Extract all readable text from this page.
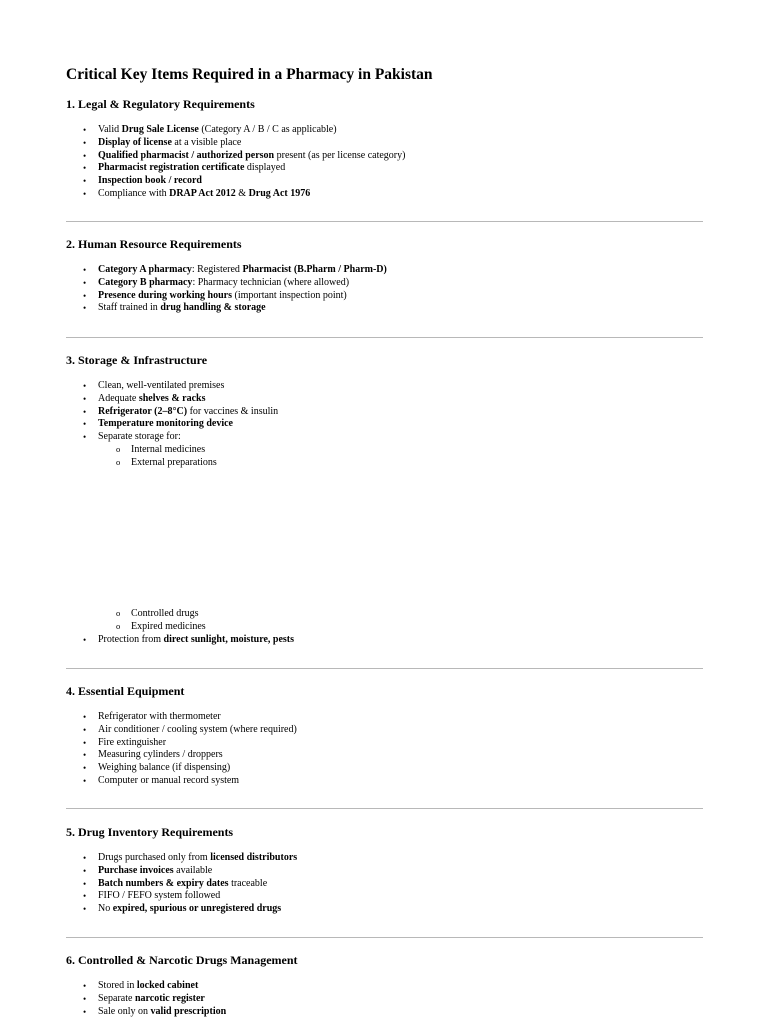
Critical Key Items Required in a Pharmacy in Pakistan
1. Legal & Regulatory Requirements
• Valid Drug Sale License (Category A / B / C as applicable)
• Display of license at a visible place
• Qualified pharmacist / authorized person present (as per license category)
• Pharmacist registration certificate displayed
• Inspection book / record
• Compliance with DRAP Act 2012 & Drug Act 1976
2. Human Resource Requirements
• Category A pharmacy: Registered Pharmacist (B.Pharm / Pharm-D)
• Category B pharmacy: Pharmacy technician (where allowed)
• Presence during working hours (important inspection point)
• Staff trained in drug handling & storage
3. Storage & Infrastructure
• Clean, well-ventilated premises
• Adequate shelves & racks
• Refrigerator (2–8°C) for vaccines & insulin
• Temperature monitoring device
• Separate storage for:
o Internal medicines
o External preparations
o Controlled drugs
o Expired medicines
• Protection from direct sunlight, moisture, pests
4. Essential Equipment
• Refrigerator with thermometer
• Air conditioner / cooling system (where required)
• Fire extinguisher
• Measuring cylinders / droppers
• Weighing balance (if dispensing)
• Computer or manual record system
5. Drug Inventory Requirements
• Drugs purchased only from licensed distributors
• Purchase invoices available
• Batch numbers & expiry dates traceable
• FIFO / FEFO system followed
• No expired, spurious or unregistered drugs
6. Controlled & Narcotic Drugs Management
• Stored in locked cabinet
• Separate narcotic register
• Sale only on valid prescription
